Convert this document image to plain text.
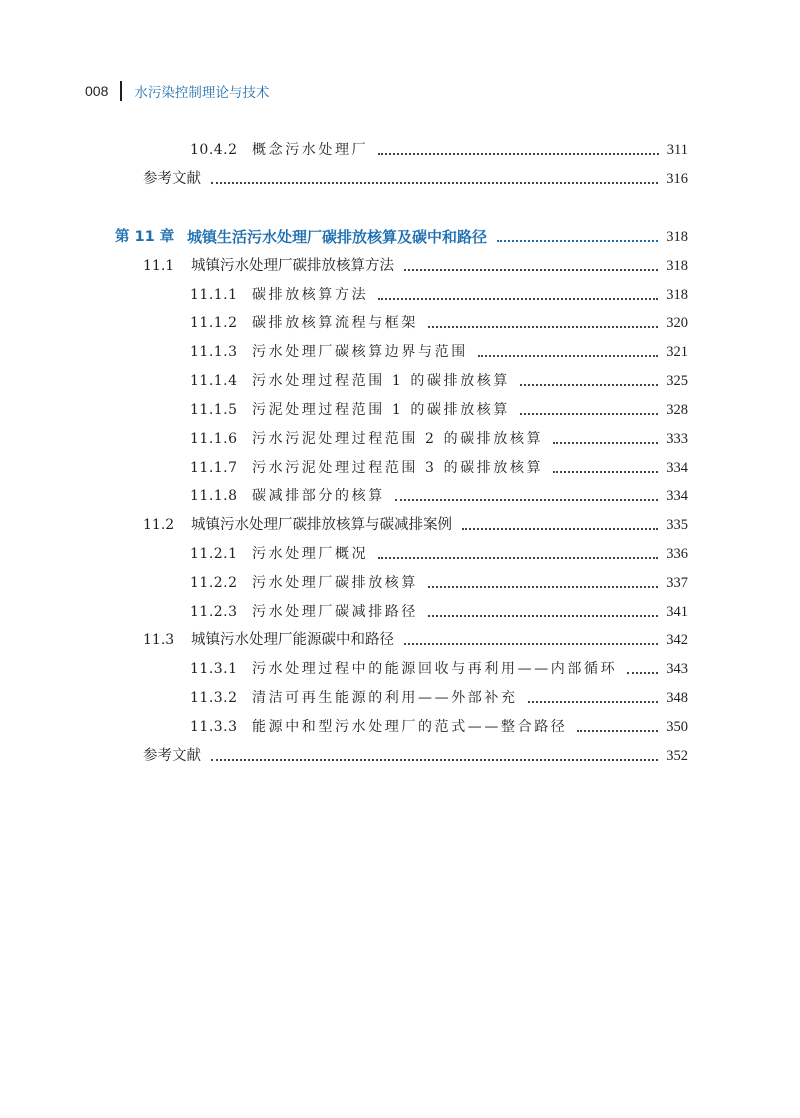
008 水污染控制理论与技术
10.4.2	概念污水处理厂	311
参考文献	316
第 11 章 城镇生活污水处理厂碳排放核算及碳中和路径	318
11.1	城镇污水处理厂碳排放核算方法	318
11.1.1	碳排放核算方法	318
11.1.2	碳排放核算流程与框架	320
11.1.3	污水处理厂碳核算边界与范围	321
11.1.4	污水处理过程范围 1 的碳排放核算	325
11.1.5	污泥处理过程范围 1 的碳排放核算	328
11.1.6	污水污泥处理过程范围 2 的碳排放核算	333
11.1.7	污水污泥处理过程范围 3 的碳排放核算	334
11.1.8	碳减排部分的核算	334
11.2	城镇污水处理厂碳排放核算与碳减排案例	335
11.2.1	污水处理厂概况	336
11.2.2	污水处理厂碳排放核算	337
11.2.3	污水处理厂碳减排路径	341
11.3	城镇污水处理厂能源碳中和路径	342
11.3.1	污水处理过程中的能源回收与再利用——内部循环	343
11.3.2	清洁可再生能源的利用——外部补充	348
11.3.3	能源中和型污水处理厂的范式——整合路径	350
参考文献	352
